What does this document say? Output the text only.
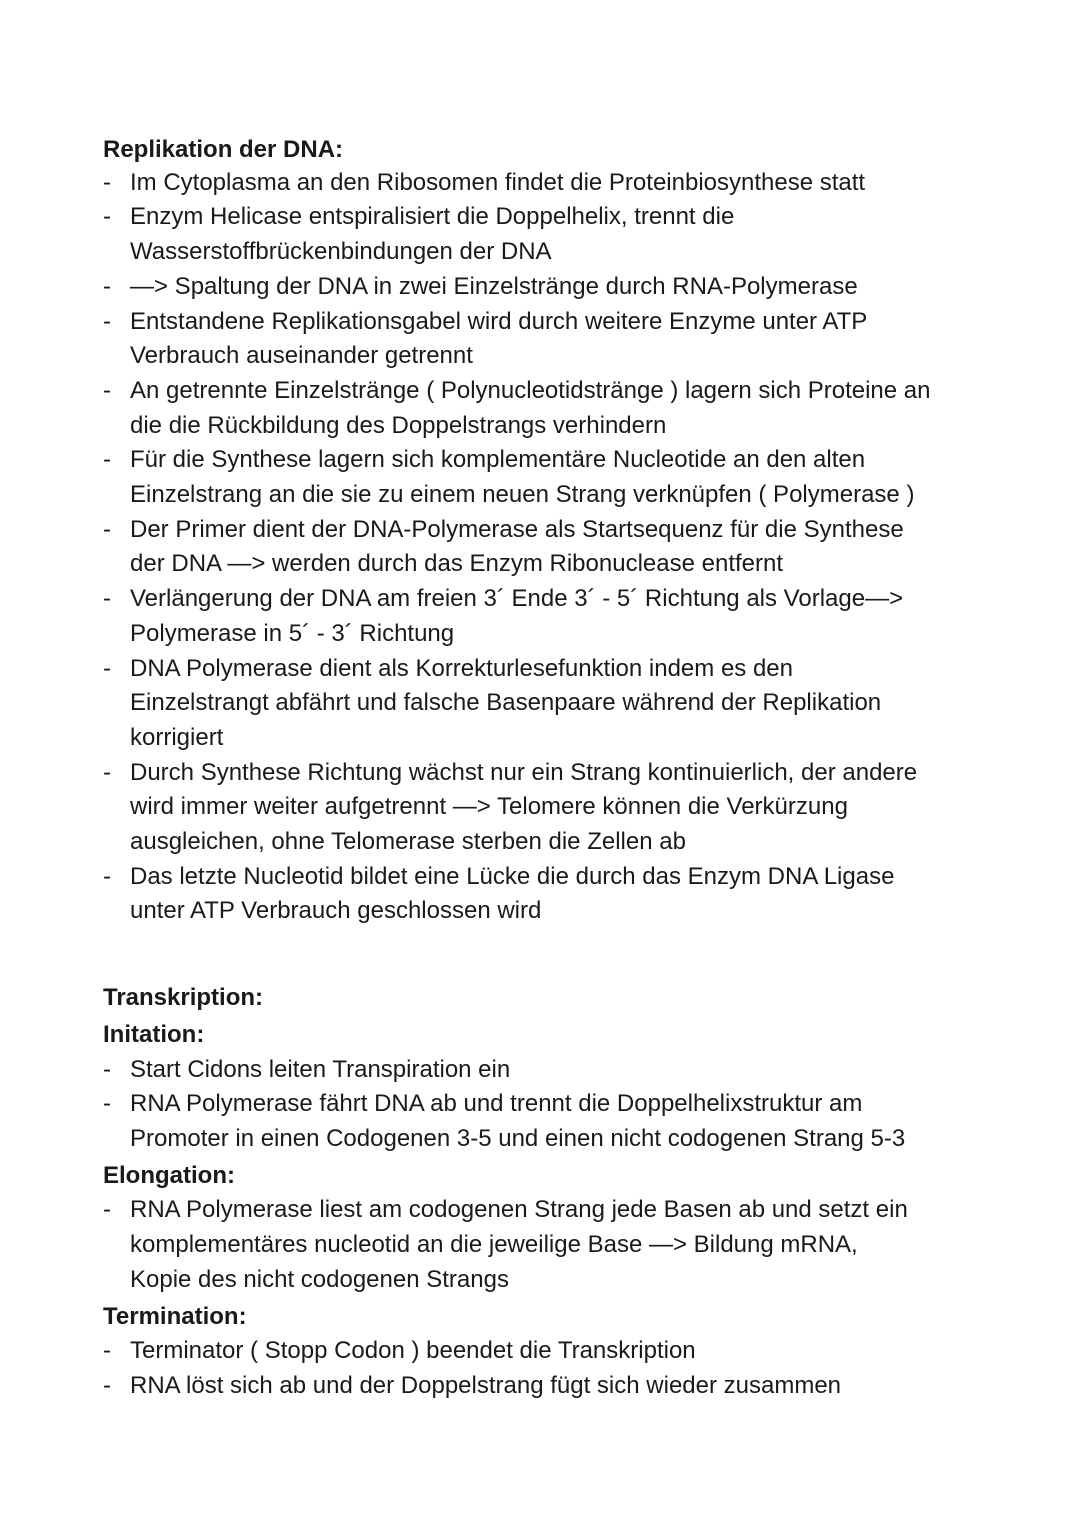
Replikation der DNA:

- Im Cytoplasma an den Ribosomen findet die Proteinbiosynthese statt
- Enzym Helicase entspiralisiert die Doppelhelix, trennt die
Wasserstoffbrückenbindungen der DNA
- —> Spaltung der DNA in zwei Einzelstränge durch RNA-Polymerase
- Entstandene Replikationsgabel wird durch weitere Enzyme unter ATP
Verbrauch auseinander getrennt
- An getrennte Einzelstränge ( Polynucleotidstränge ) lagern sich Proteine an
die die Rückbildung des Doppelstrangs verhindern
- Für die Synthese lagern sich komplementäre Nucleotide an den alten
Einzelstrang an die sie zu einem neuen Strang verknüpfen ( Polymerase )
- Der Primer dient der DNA-Polymerase als Startsequenz für die Synthese
der DNA —> werden durch das Enzym Ribonuclease entfernt
- Verlängerung der DNA am freien 3´ Ende 3´ - 5´ Richtung als Vorlage—>
Polymerase in 5´ - 3´ Richtung
- DNA Polymerase dient als Korrekturlesefunktion indem es den
Einzelstrangt abfährt und falsche Basenpaare während der Replikation
korrigiert
- Durch Synthese Richtung wächst nur ein Strang kontinuierlich, der andere
wird immer weiter aufgetrennt —> Telomere können die Verkürzung
ausgleichen, ohne Telomerase sterben die Zellen ab
- Das letzte Nucleotid bildet eine Lücke die durch das Enzym DNA Ligase
unter ATP Verbrauch geschlossen wird

Transkription:

Initation:

- Start Cidons leiten Transpiration ein
- RNA Polymerase fährt DNA ab und trennt die Doppelhelixstruktur am
Promoter in einen Codogenen 3-5 und einen nicht codogenen Strang 5-3

Elongation:

- RNA Polymerase liest am codogenen Strang jede Basen ab und setzt ein
komplementäres nucleotid an die jeweilige Base —> Bildung mRNA,
Kopie des nicht codogenen Strangs

Termination:

- Terminator ( Stopp Codon ) beendet die Transkription
- RNA löst sich ab und der Doppelstrang fügt sich wieder zusammen
